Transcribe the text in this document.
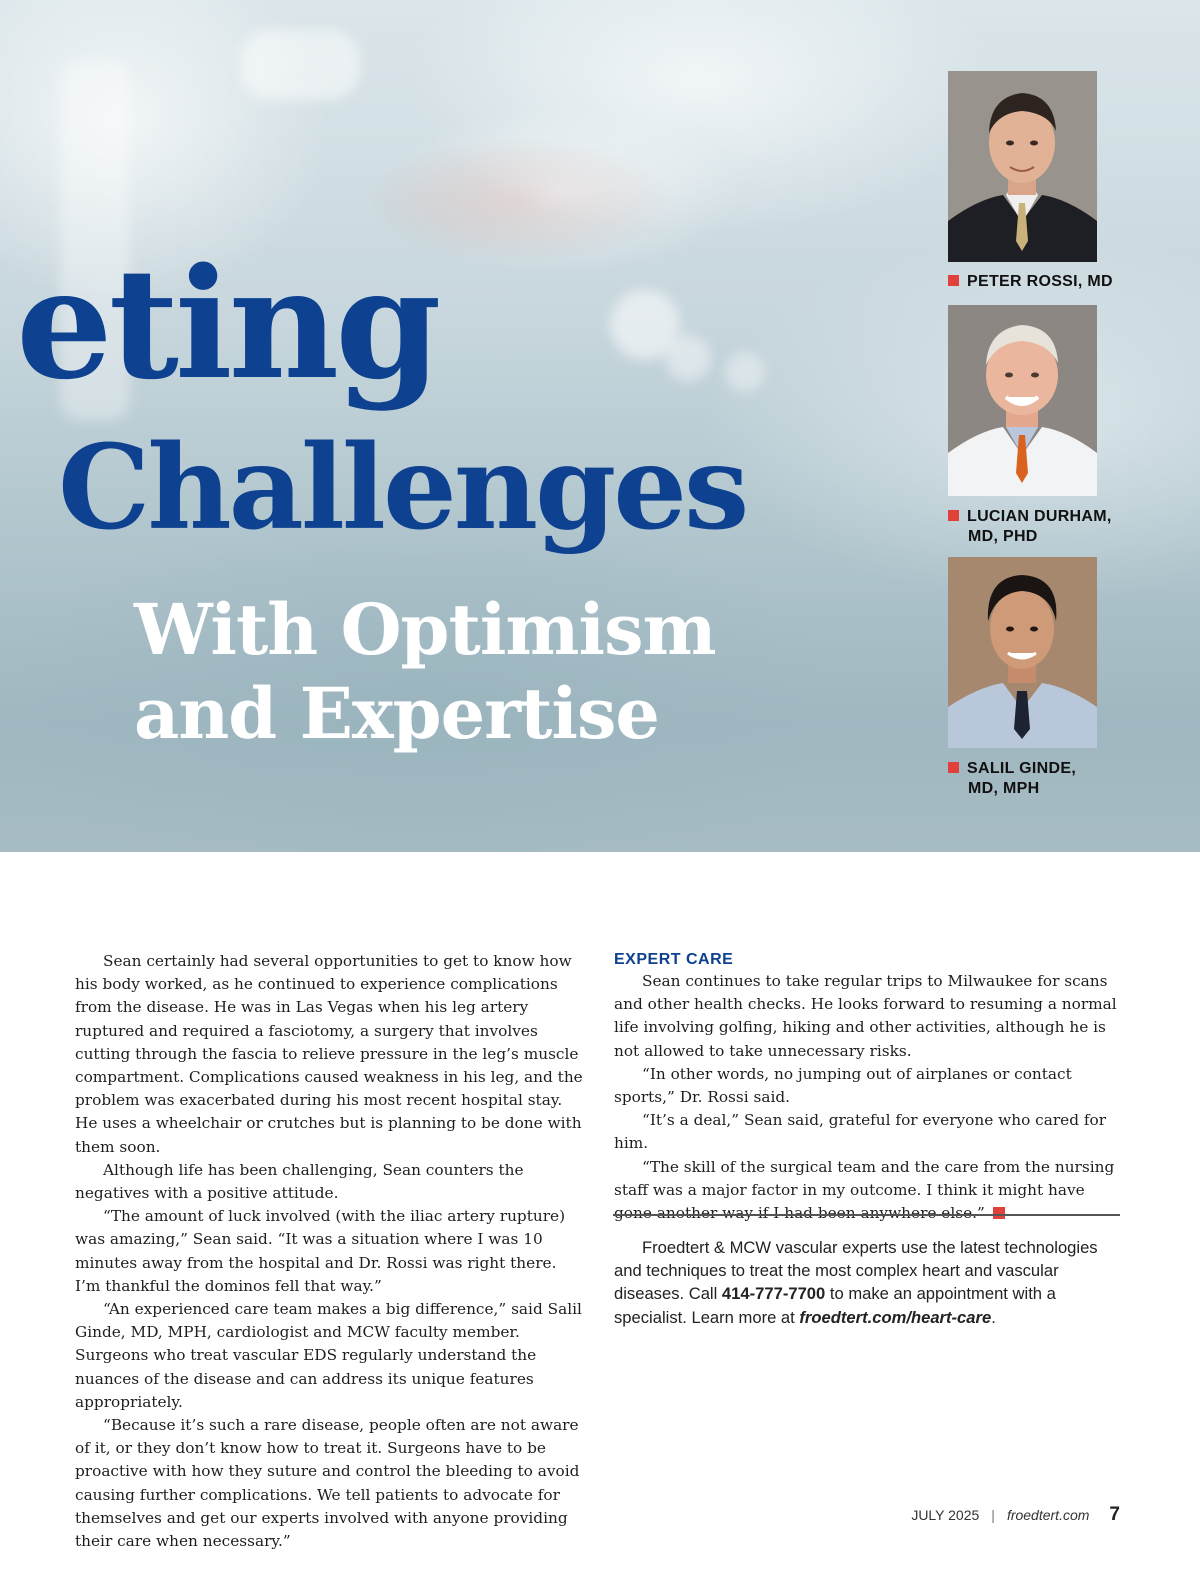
eting
Challenges
With Optimism
and Expertise
PETER ROSSI, MD
LUCIAN DURHAM,
MD, PHD
SALIL GINDE,
MD, MPH

Sean certainly had several opportunities to get to know how his body worked, as he continued to experience complications from the disease. He was in Las Vegas when his leg artery ruptured and required a fasciotomy, a surgery that involves cutting through the fascia to relieve pressure in the leg’s muscle compartment. Complications caused weakness in his leg, and the problem was exacerbated during his most recent hospital stay. He uses a wheelchair or crutches but is planning to be done with them soon.

Although life has been challenging, Sean counters the negatives with a positive attitude.

“The amount of luck involved (with the iliac artery rupture) was amazing,” Sean said. “It was a situation where I was 10 minutes away from the hospital and Dr. Rossi was right there. I’m thankful the dominos fell that way.”

“An experienced care team makes a big difference,” said Salil Ginde, MD, MPH, cardiologist and MCW faculty member. Surgeons who treat vascular EDS regularly understand the nuances of the disease and can address its unique features appropriately.

“Because it’s such a rare disease, people often are not aware of it, or they don’t know how to treat it. Surgeons have to be proactive with how they suture and control the bleeding to avoid causing further complications. We tell patients to advocate for themselves and get our experts involved with anyone providing their care when necessary.”

EXPERT CARE

Sean continues to take regular trips to Milwaukee for scans and other health checks. He looks forward to resuming a normal life involving golfing, hiking and other activities, although he is not allowed to take unnecessary risks.

“In other words, no jumping out of airplanes or contact sports,” Dr. Rossi said.

“It’s a deal,” Sean said, grateful for everyone who cared for him.

“The skill of the surgical team and the care from the nursing staff was a major factor in my outcome. I think it might have

Froedtert & MCW vascular experts use the latest technologies and techniques to treat the most complex heart and vascular diseases. Call 414-777-7700 to make an appointment with a specialist. Learn more at froedtert.com/heart-care.
JULY 2025 | froedtert.com 7
